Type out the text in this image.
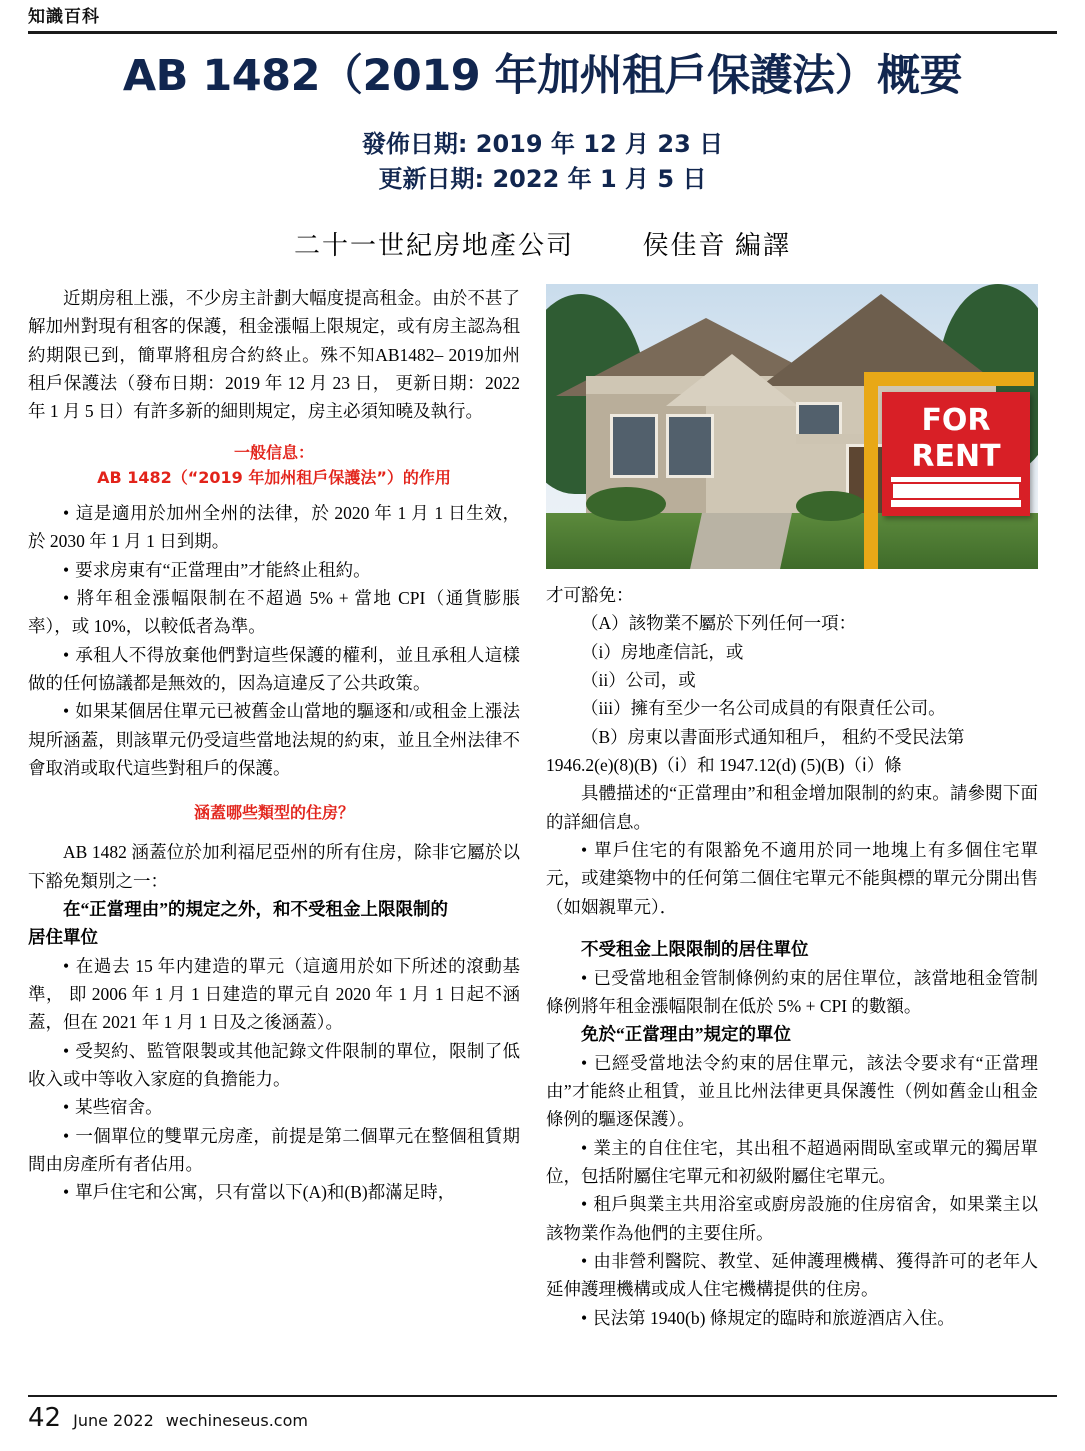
知識百科
AB 1482（2019 年加州租戶保護法）概要
發佈日期: 2019 年 12 月 23 日
更新日期: 2022 年 1 月 5 日
二十一世紀房地產公司	侯佳音 編譯

近期房租上漲，不少房主計劃大幅度提高租金。由於不甚了解加州對現有租客的保護，租金漲幅上限規定，或有房主認為租約期限已到，簡單將租房合約終止。殊不知AB1482‒ 2019加州租戶保護法（發布日期：2019 年 12 月 23 日， 更新日期：2022 年 1 月 5 日）有許多新的細則規定，房主必須知曉及執行。

一般信息：
AB 1482（“2019 年加州租戶保護法”）的作用

• 這是適用於加州全州的法律，於 2020 年 1 月 1 日生效，於 2030 年 1 月 1 日到期。

• 要求房東有“正當理由”才能終止租約。

• 將年租金漲幅限制在不超過 5% + 當地 CPI（通貨膨脹率），或 10%，以較低者為準。

• 承租人不得放棄他們對這些保護的權利，並且承租人這樣做的任何協議都是無效的，因為這違反了公共政策。

• 如果某個居住單元已被舊金山當地的驅逐和/或租金上漲法規所涵蓋，則該單元仍受這些當地法規的約束，並且全州法律不會取消或取代這些對租戶的保護。

涵蓋哪些類型的住房？

AB 1482 涵蓋位於加利福尼亞州的所有住房，除非它屬於以下豁免類別之一：

在“正當理由”的規定之外，和不受租金上限限制的

居住單位

• 在過去 15 年内建造的單元（這適用於如下所述的滾動基準， 即 2006 年 1 月 1 日建造的單元自 2020 年 1 月 1 日起不涵蓋，但在 2021 年 1 月 1 日及之後涵蓋）。

• 受契約、監管限製或其他記錄文件限制的單位，限制了低收入或中等收入家庭的負擔能力。

• 某些宿舍。

• 一個單位的雙單元房產，前提是第二個單元在整個租賃期間由房產所有者佔用。

• 單戶住宅和公寓，只有當以下(A)和(B)都滿足時，

FOR
RENT

才可豁免：

（A）該物業不屬於下列任何一項：

（i）房地產信託，或

（ii）公司，或

（iii）擁有至少一名公司成員的有限責任公司。

（B）房東以書面形式通知租戶， 租約不受民法第

1946.2(e)(8)(B)（ⅰ）和 1947.12(d) (5)(B)（ⅰ）條

具體描述的“正當理由”和租金增加限制的約束。請參閱下面的詳細信息。

• 單戶住宅的有限豁免不適用於同一地塊上有多個住宅單元，或建築物中的任何第二個住宅單元不能與標的單元分開出售（如姻親單元）．

不受租金上限限制的居住單位

• 已受當地租金管制條例約束的居住單位，該當地租金管制條例將年租金漲幅限制在低於 5% + CPI 的數額。

免於“正當理由”規定的單位

• 已經受當地法令約束的居住單元，該法令要求有“正當理由”才能終止租賃，並且比州法律更具保護性（例如舊金山租金條例的驅逐保護）。

• 業主的自住住宅，其出租不超過兩間臥室或單元的獨居單位，包括附屬住宅單元和初級附屬住宅單元。

• 租戶與業主共用浴室或廚房設施的住房宿舍，如果業主以該物業作為他們的主要住所。

• 由非營利醫院、教堂、延伸護理機構、獲得許可的老年人延伸護理機構或成人住宅機構提供的住房。

• 民法第 1940(b) 條規定的臨時和旅遊酒店入住。

42 June 2022 wechineseus.com
